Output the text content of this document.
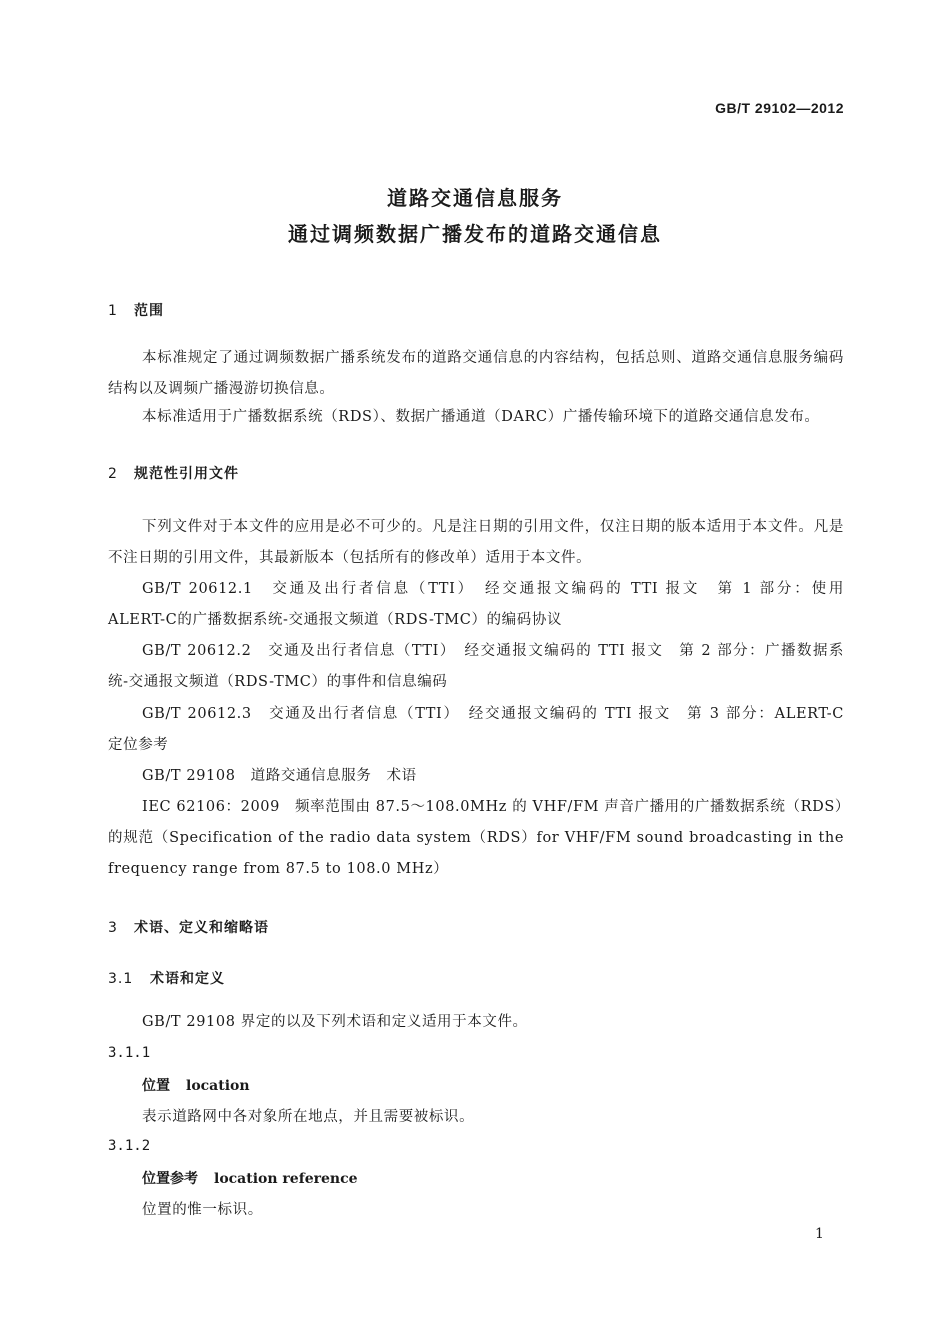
GB/T 29102—2012
道路交通信息服务
通过调频数据广播发布的道路交通信息
1 范围
本标准规定了通过调频数据广播系统发布的道路交通信息的内容结构，包括总则、道路交通信息服务编码结构以及调频广播漫游切换信息。
本标准适用于广播数据系统（RDS）、数据广播通道（DARC）广播传输环境下的道路交通信息发布。
2 规范性引用文件
下列文件对于本文件的应用是必不可少的。凡是注日期的引用文件，仅注日期的版本适用于本文件。凡是不注日期的引用文件，其最新版本（包括所有的修改单）适用于本文件。
GB/T 20612.1　交通及出行者信息（TTI）　经交通报文编码的 TTI 报文　第 1 部分：使用
ALERT-C的广播数据系统-交通报文频道（RDS-TMC）的编码协议
GB/T 20612.2　交通及出行者信息（TTI）　经交通报文编码的 TTI 报文　第 2 部分：广播数据系
统-交通报文频道（RDS-TMC）的事件和信息编码
GB/T 20612.3　交通及出行者信息（TTI）　经交通报文编码的 TTI 报文　第 3 部分：ALERT-C
定位参考
GB/T 29108　道路交通信息服务　术语
IEC 62106：2009　频率范围由 87.5～108.0MHz 的 VHF/FM 声音广播用的广播数据系统（RDS）
的规范（Specification of the radio data system（RDS）for VHF/FM sound broadcasting in the
frequency range from 87.5 to 108.0 MHz）
3 术语、定义和缩略语
3.1 术语和定义
GB/T 29108 界定的以及下列术语和定义适用于本文件。
3.1.1
位置 location
表示道路网中各对象所在地点，并且需要被标识。
3.1.2
位置参考 location reference
位置的惟一标识。
1
